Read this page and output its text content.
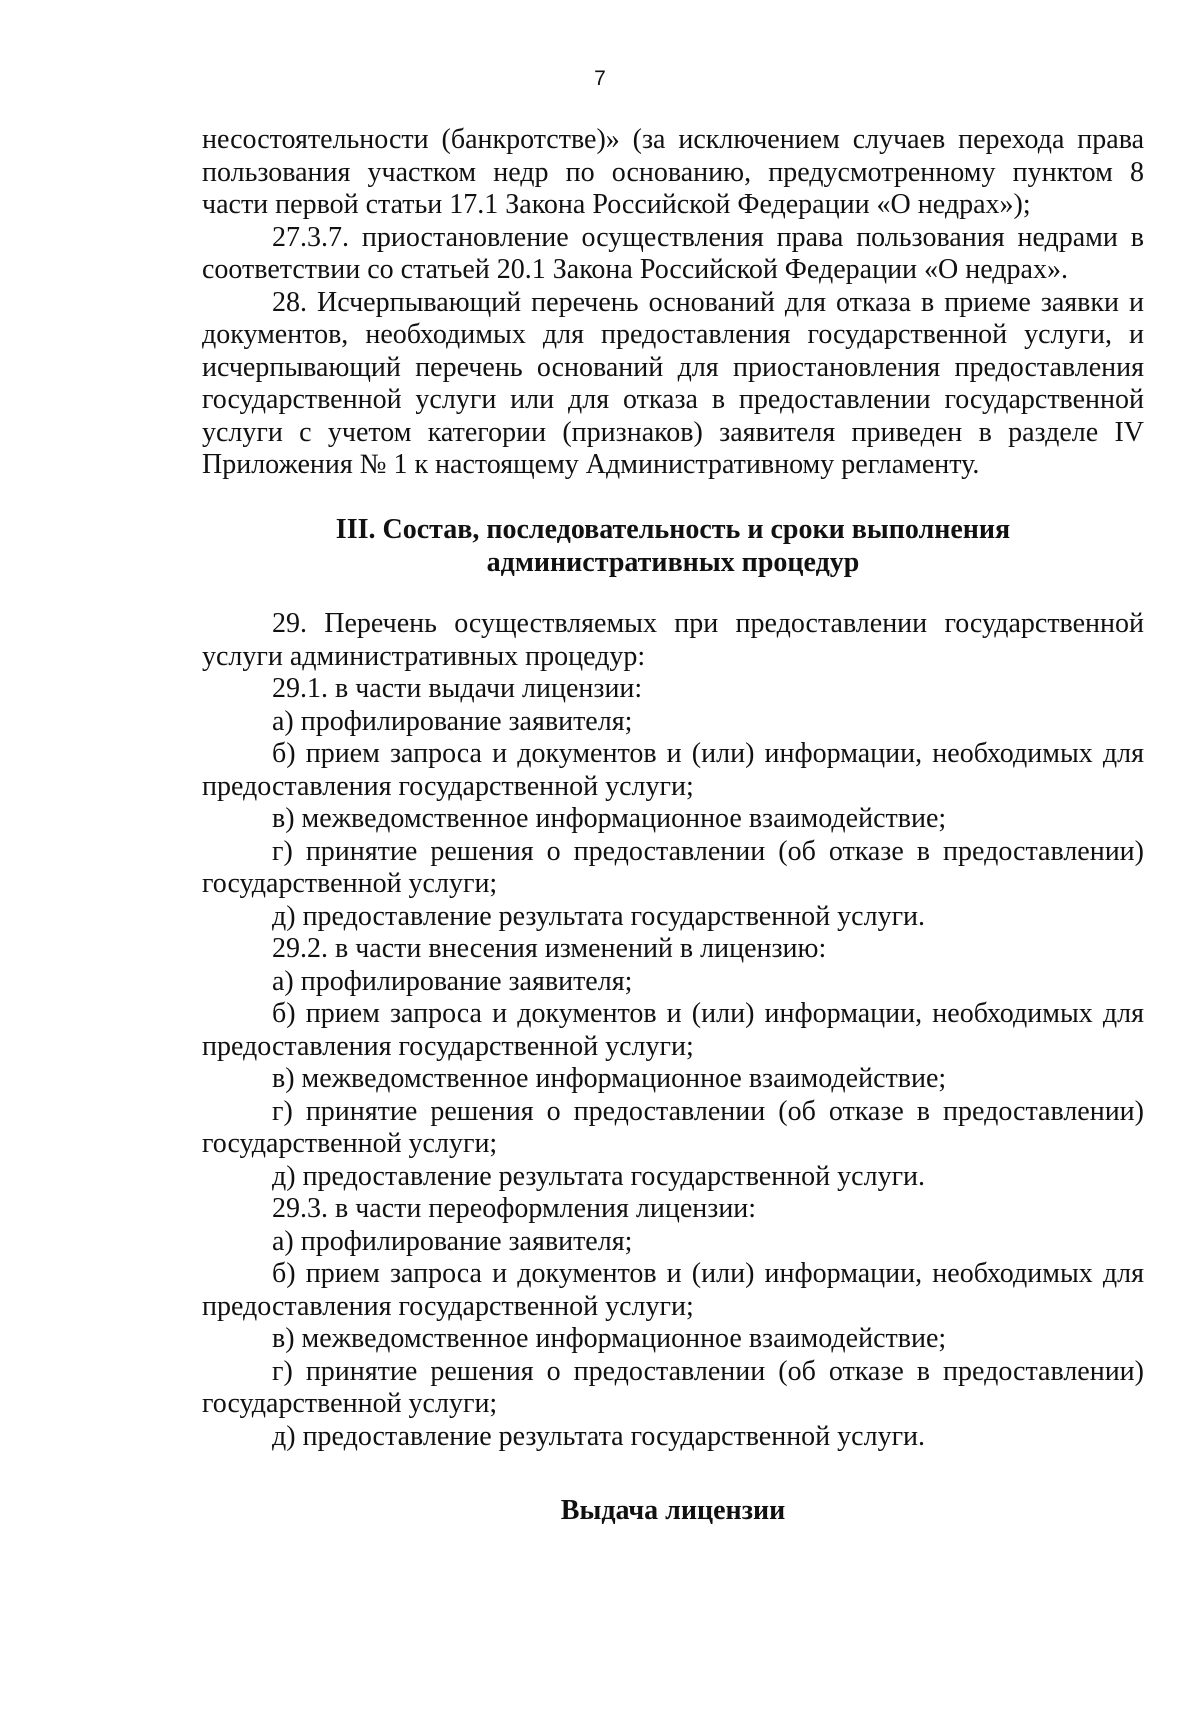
7

несостоятельности (банкротстве)» (за исключением случаев перехода права пользования участком недр по основанию, предусмотренному пунктом 8 части первой статьи 17.1 Закона Российской Федерации «О недрах»);

27.3.7. приостановление осуществления права пользования недрами в соответствии со статьей 20.1 Закона Российской Федерации «О недрах».

28. Исчерпывающий перечень оснований для отказа в приеме заявки и документов, необходимых для предоставления государственной услуги, и исчерпывающий перечень оснований для приостановления предоставления государственной услуги или для отказа в предоставлении государственной услуги с учетом категории (признаков) заявителя приведен в разделе IV Приложения № 1 к настоящему Административному регламенту.

III. Состав, последовательность и сроки выполнения

административных процедур

29. Перечень осуществляемых при предоставлении государственной услуги административных процедур:

29.1. в части выдачи лицензии:

а) профилирование заявителя;

б) прием запроса и документов и (или) информации, необходимых для предоставления государственной услуги;

в) межведомственное информационное взаимодействие;

г) принятие решения о предоставлении (об отказе в предоставлении) государственной услуги;

д) предоставление результата государственной услуги.

29.2. в части внесения изменений в лицензию:

а) профилирование заявителя;

б) прием запроса и документов и (или) информации, необходимых для предоставления государственной услуги;

в) межведомственное информационное взаимодействие;

г) принятие решения о предоставлении (об отказе в предоставлении) государственной услуги;

д) предоставление результата государственной услуги.

29.3. в части переоформления лицензии:

а) профилирование заявителя;

б) прием запроса и документов и (или) информации, необходимых для предоставления государственной услуги;

в) межведомственное информационное взаимодействие;

г) принятие решения о предоставлении (об отказе в предоставлении) государственной услуги;

д) предоставление результата государственной услуги.

Выдача лицензии
